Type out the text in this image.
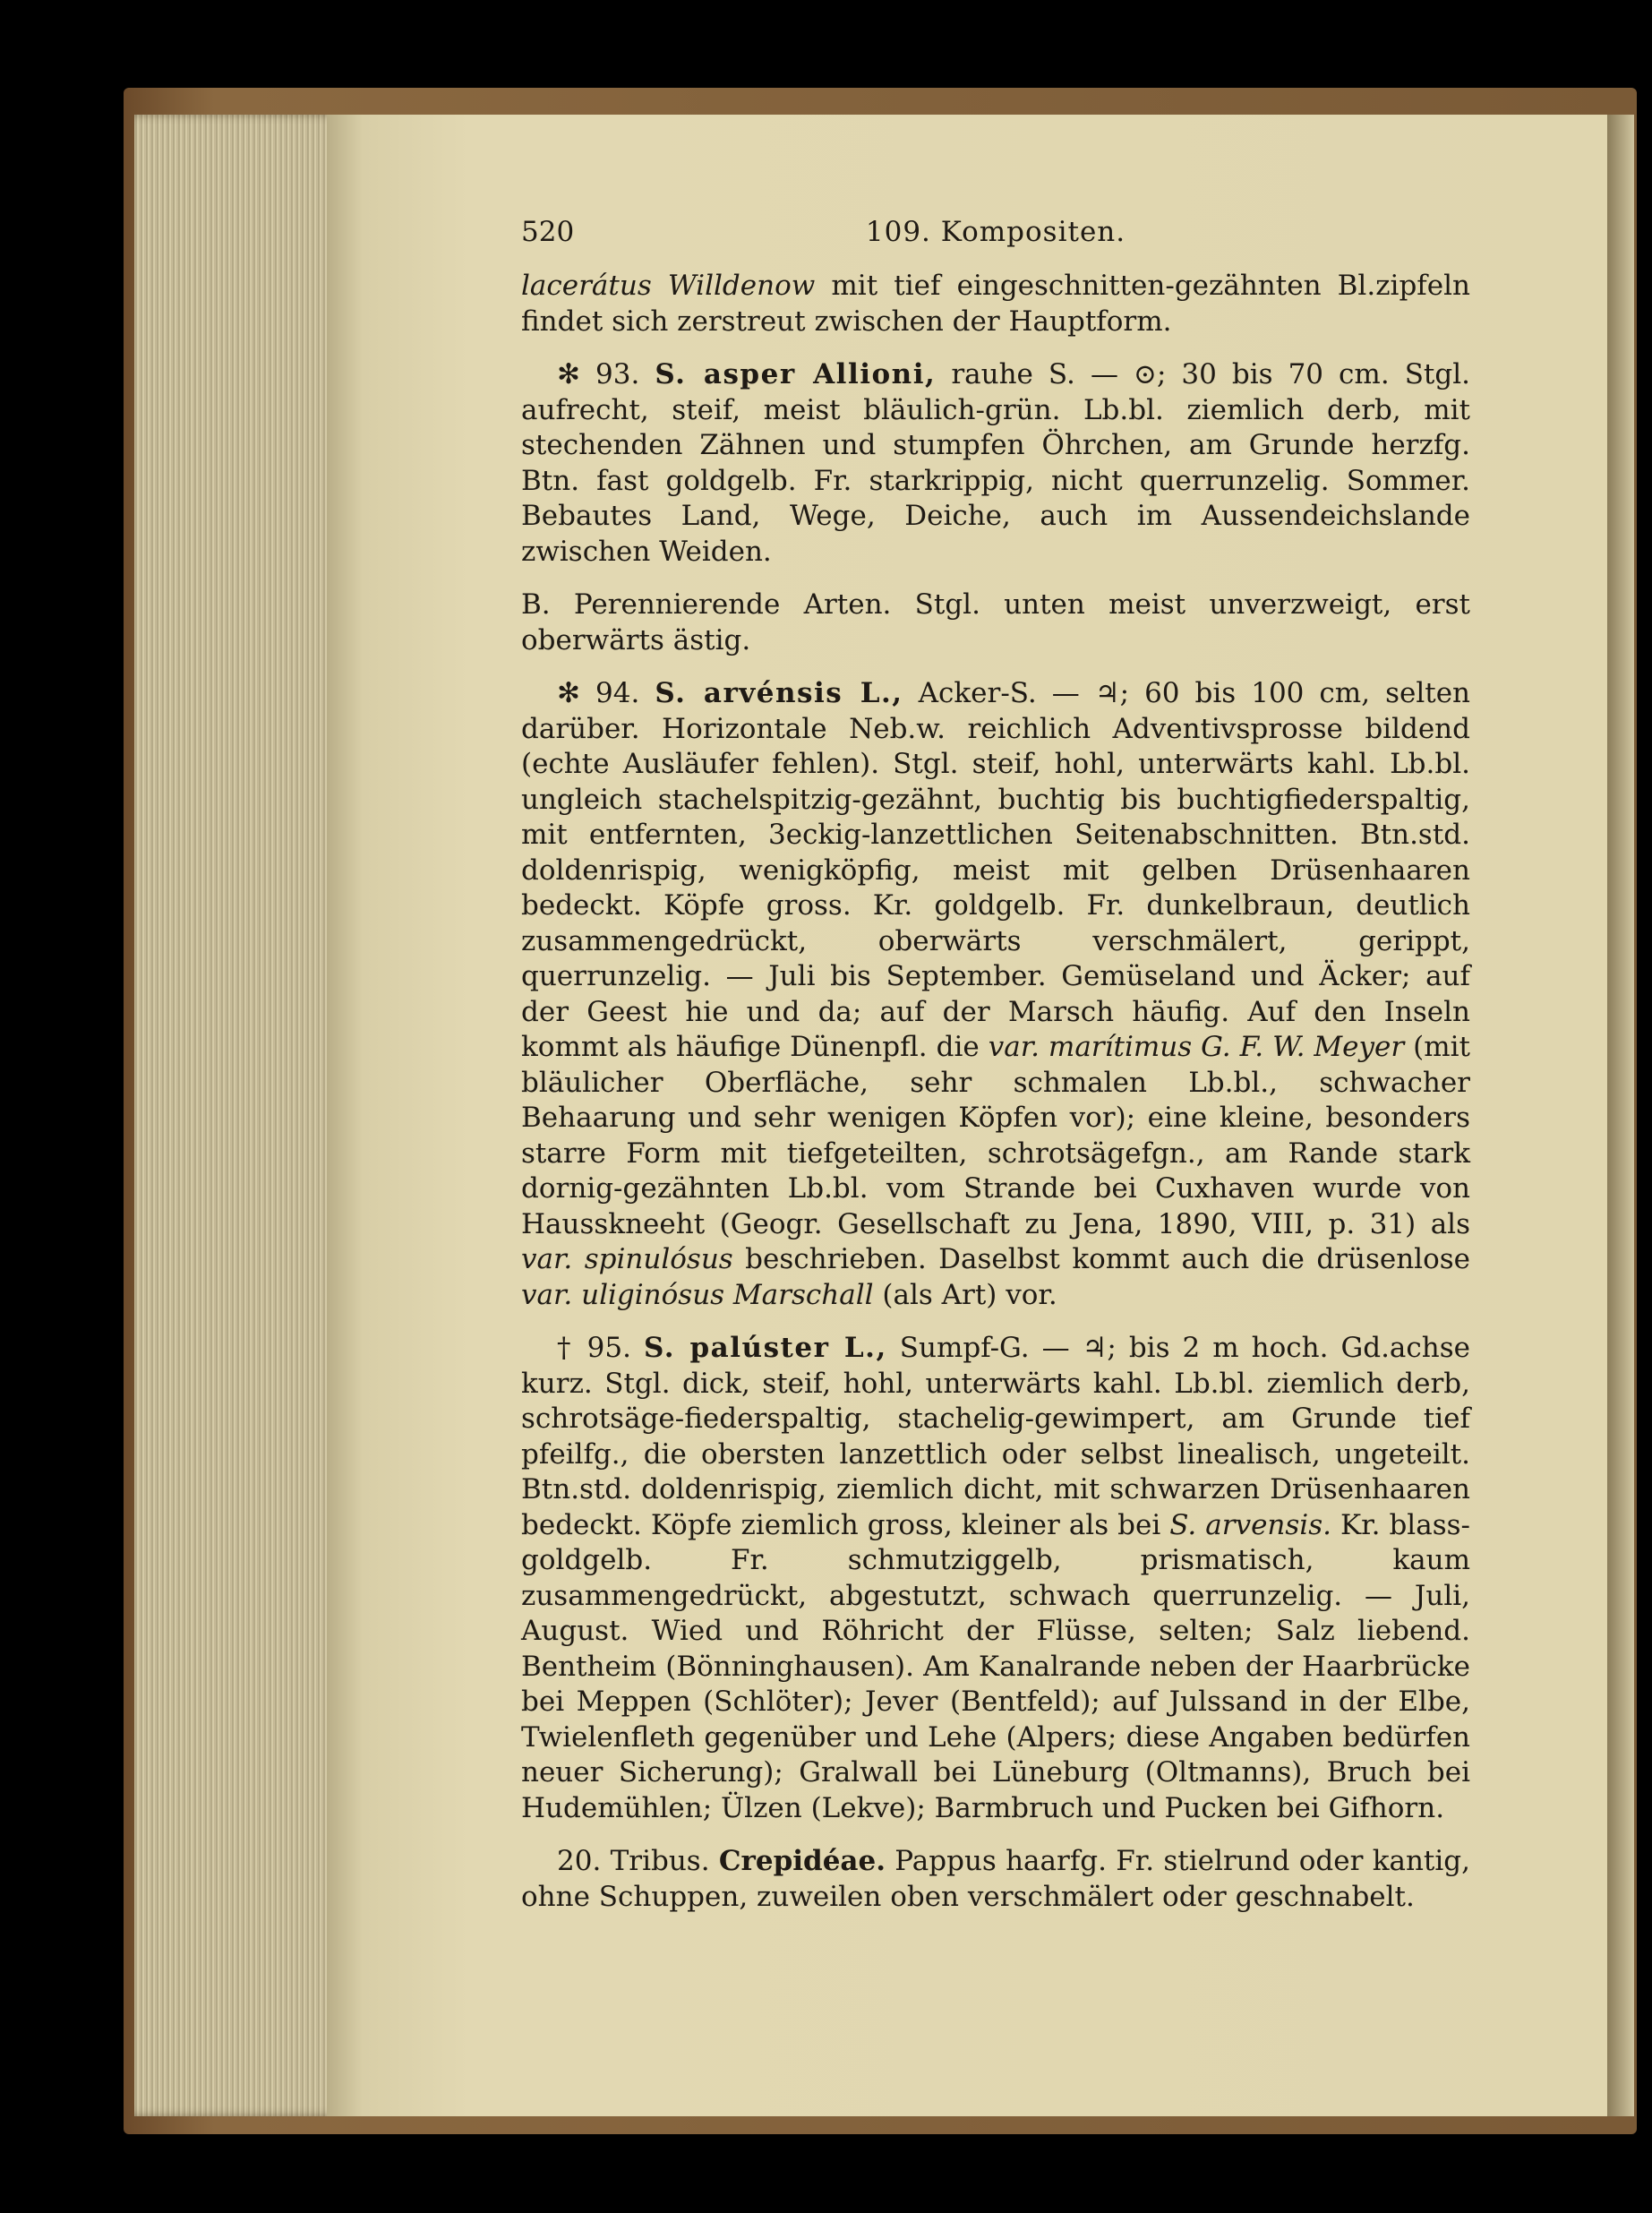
520	109. Kompositen.

lacerátus Willdenow mit tief eingeschnitten-gezähnten Bl.zipfeln findet sich zerstreut zwischen der Hauptform.

✻ 93. S. asper Allioni, rauhe S. — ⊙; 30 bis 70 cm. Stgl. aufrecht, steif, meist bläulich-grün. Lb.bl. ziemlich derb, mit stechenden Zähnen und stumpfen Öhrchen, am Grunde herzfg. Btn. fast goldgelb. Fr. starkrippig, nicht querrunzelig. Sommer. Bebautes Land, Wege, Deiche, auch im Aussendeichslande zwischen Weiden.

B. Perennierende Arten. Stgl. unten meist unverzweigt, erst oberwärts ästig.

✻ 94. S. arvénsis L., Acker-S. — ♃; 60 bis 100 cm, selten darüber. Horizontale Neb.w. reichlich Adventivsprosse bildend (echte Ausläufer fehlen). Stgl. steif, hohl, unterwärts kahl. Lb.bl. ungleich stachelspitzig-gezähnt, buchtig bis buchtigfiederspaltig, mit entfernten, 3eckig-lanzettlichen Seitenabschnitten. Btn.std. doldenrispig, wenigköpfig, meist mit gelben Drüsenhaaren bedeckt. Köpfe gross. Kr. goldgelb. Fr. dunkelbraun, deutlich zusammengedrückt, oberwärts verschmälert, gerippt, querrunzelig. — Juli bis September. Gemüseland und Äcker; auf der Geest hie und da; auf der Marsch häufig. Auf den Inseln kommt als häufige Dünenpfl. die var. marítimus G. F. W. Meyer (mit bläulicher Oberfläche, sehr schmalen Lb.bl., schwacher Behaarung und sehr wenigen Köpfen vor); eine kleine, besonders starre Form mit tiefgeteilten, schrotsägefgn., am Rande stark dornig-gezähnten Lb.bl. vom Strande bei Cuxhaven wurde von Hausskneeht (Geogr. Gesellschaft zu Jena, 1890, VIII, p. 31) als var. spinulósus beschrieben. Daselbst kommt auch die drüsenlose var. uliginósus Marschall (als Art) vor.

† 95. S. palúster L., Sumpf-G. — ♃; bis 2 m hoch. Gd.achse kurz. Stgl. dick, steif, hohl, unterwärts kahl. Lb.bl. ziemlich derb, schrotsäge-fiederspaltig, stachelig-gewimpert, am Grunde tief pfeilfg., die obersten lanzettlich oder selbst linealisch, ungeteilt. Btn.std. doldenrispig, ziemlich dicht, mit schwarzen Drüsenhaaren bedeckt. Köpfe ziemlich gross, kleiner als bei S. arvensis. Kr. blass-goldgelb. Fr. schmutziggelb, prismatisch, kaum zusammengedrückt, abgestutzt, schwach querrunzelig. — Juli, August. Wied und Röhricht der Flüsse, selten; Salz liebend. Bentheim (Bönninghausen). Am Kanalrande neben der Haarbrücke bei Meppen (Schlöter); Jever (Bentfeld); auf Julssand in der Elbe, Twielenfleth gegenüber und Lehe (Alpers; diese Angaben bedürfen neuer Sicherung); Gralwall bei Lüneburg (Oltmanns), Bruch bei Hudemühlen; Ülzen (Lekve); Barmbruch und Pucken bei Gifhorn.

20. Tribus. Crepidéae. Pappus haarfg. Fr. stielrund oder kantig, ohne Schuppen, zuweilen oben verschmälert oder geschnabelt.
